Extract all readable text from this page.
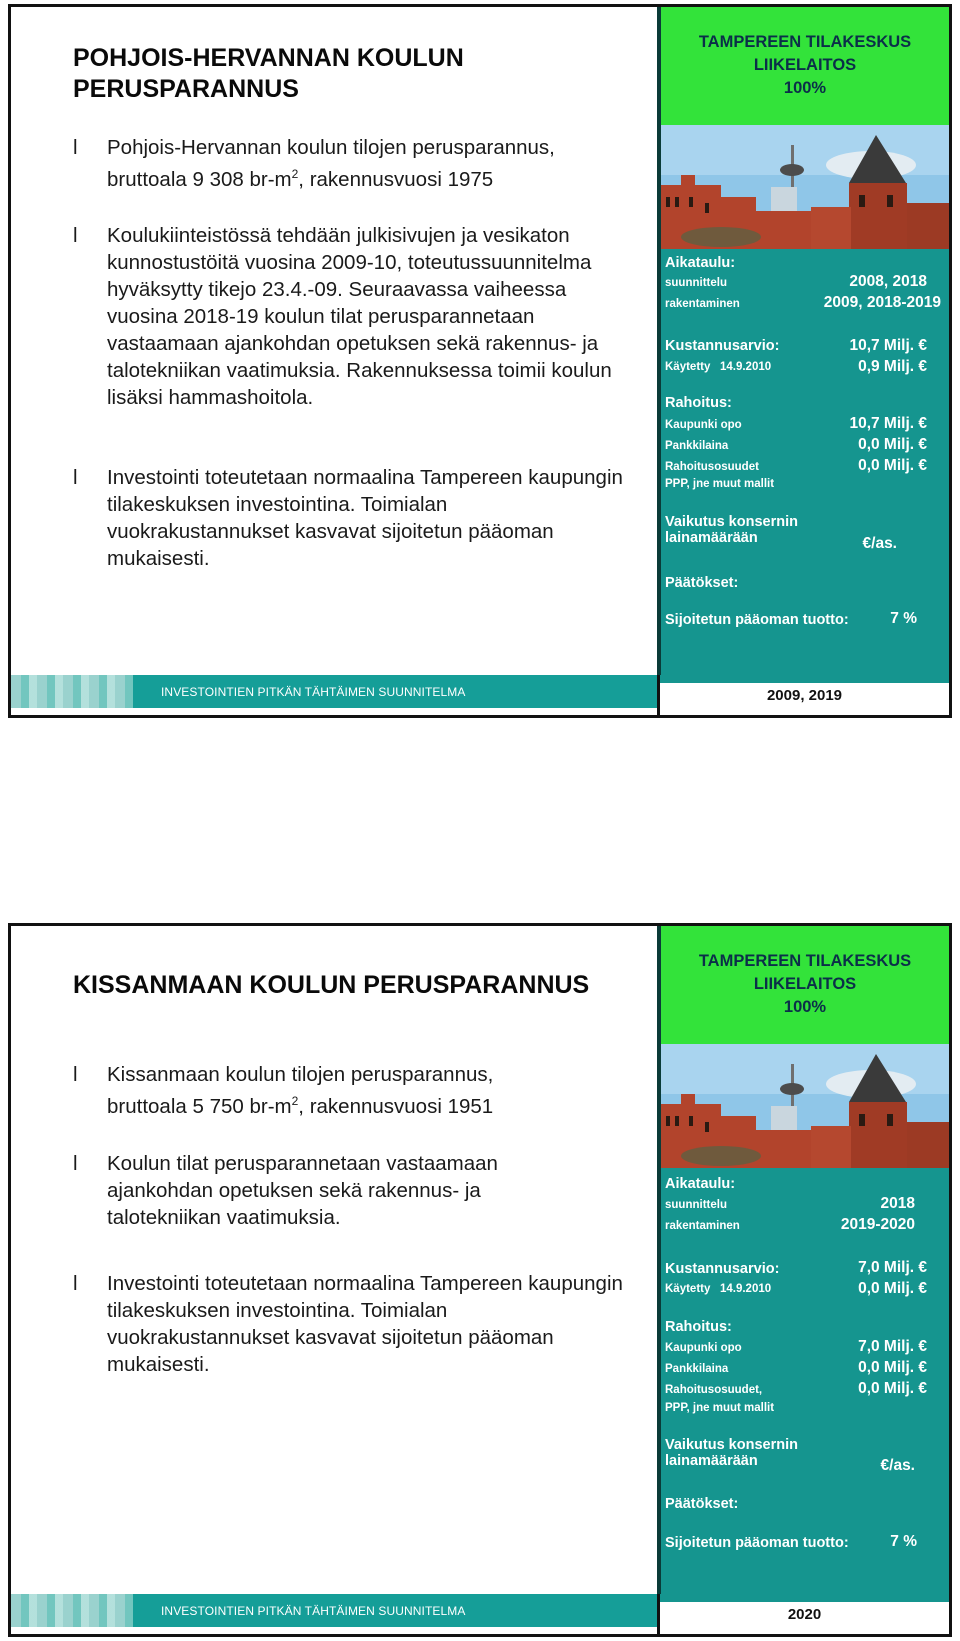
POHJOIS-HERVANNAN KOULUN
PERUSPARANNUS
l	Pohjois-Hervannan koulun tilojen perusparannus,
bruttoala 9 308 $br-m^2$, rakennusvuosi 1975
l	Koulukiinteistössä tehdään julkisivujen ja vesikaton kunnostustöitä vuosina 2009-10, toteutussuunnitelma hyväksytty tikejo 23.4.-09. Seuraavassa vaiheessa vuosina 2018-19 koulun tilat perusparannetaan vastaamaan ajankohdan opetuksen sekä rakennus- ja talotekniikan vaatimuksia. Rakennuksessa toimii koulun lisäksi hammashoitola.
l	Investointi toteutetaan normaalina Tampereen kaupungin tilakeskuksen investointina. Toimialan vuokrakustannukset kasvavat sijoitetun pääoman mukaisesti.
TAMPEREEN TILAKESKUS
LIIKELAITOS
100%
Aikataulu:
suunnittelu	2008, 2018
rakentaminen	2009, 2018-2019
Kustannusarvio:	10,7 Milj. €
Käytetty 14.9.2010	0,9 Milj. €
Rahoitus:
Kaupunki opo	10,7 Milj. €
Pankkilaina	0,0 Milj. €
Rahoitusosuudet	0,0 Milj. €
PPP, jne muut mallit
Vaikutus konsernin
lainamäärään	€/as.
Päätökset:
Sijoitetun pääoman tuotto:	7 %
INVESTOINTIEN PITKÄN TÄHTÄIMEN SUUNNITELMA	2009, 2019
KISSANMAAN KOULUN PERUSPARANNUS
l	Kissanmaan koulun tilojen perusparannus,
bruttoala 5 750 $br-m^2$, rakennusvuosi 1951
l	Koulun tilat perusparannetaan vastaamaan ajankohdan opetuksen sekä rakennus- ja talotekniikan vaatimuksia.
l	Investointi toteutetaan normaalina Tampereen kaupungin tilakeskuksen investointina. Toimialan vuokrakustannukset kasvavat sijoitetun pääoman mukaisesti.
TAMPEREEN TILAKESKUS
LIIKELAITOS
100%
Aikataulu:
suunnittelu	2018
rakentaminen	2019-2020
Kustannusarvio:	7,0 Milj. €
Käytetty 14.9.2010	0,0 Milj. €
Rahoitus:
Kaupunki opo	7,0 Milj. €
Pankkilaina	0,0 Milj. €
Rahoitusosuudet,	0,0 Milj. €
PPP, jne muut mallit
Vaikutus konsernin
lainamäärään	€/as.
Päätökset:
Sijoitetun pääoman tuotto:	7 %
INVESTOINTIEN PITKÄN TÄHTÄIMEN SUUNNITELMA	2020
